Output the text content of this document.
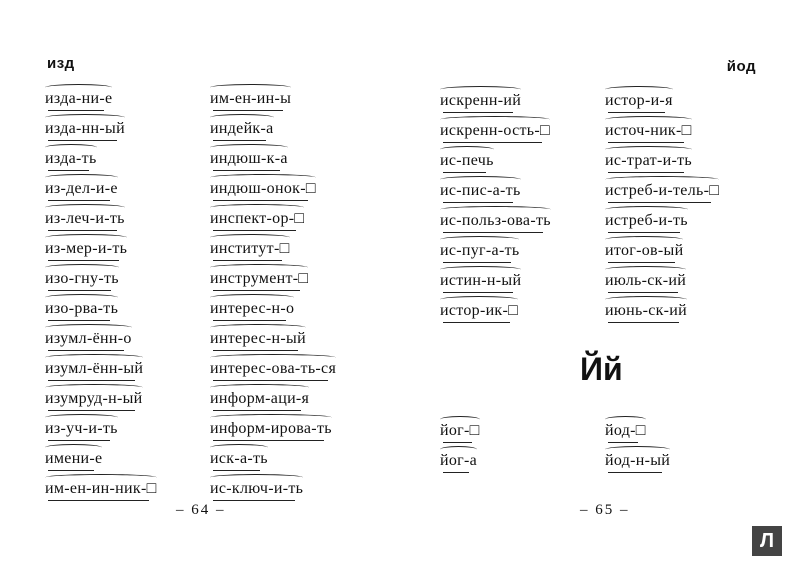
изд
изда-ни-е
изда-нн-ый
изда-ть
из-дел-и-е
из-леч-и-ть
из-мер-и-ть
изо-гну-ть
изо-рва-ть
изумл-ённ-о
изумл-ённ-ый
изумруд-н-ый
из-уч-и-ть
имени-е
им-ен-ин-ник-□
им-ен-ин-ы
индейк-а
индюш-к-а
индюш-онок-□
инспект-ор-□
институт-□
инструмент-□
интерес-н-о
интерес-н-ый
интерес-ова-ть-ся
информ-аци-я
информ-ирова-ть
иск-а-ть
ис-ключ-и-ть
– 64 –
йод
искренн-ий
искренн-ость-□
ис-печь
ис-пис-а-ть
ис-польз-ова-ть
ис-пуг-а-ть
истин-н-ый
истор-ик-□
истор-и-я
источ-ник-□
ис-трат-и-ть
истреб-и-тель-□
истреб-и-ть
итог-ов-ый
июль-ск-ий
июнь-ск-ий
Йй
йог-□
йог-а
йод-□
йод-н-ый
– 65 –
Л
